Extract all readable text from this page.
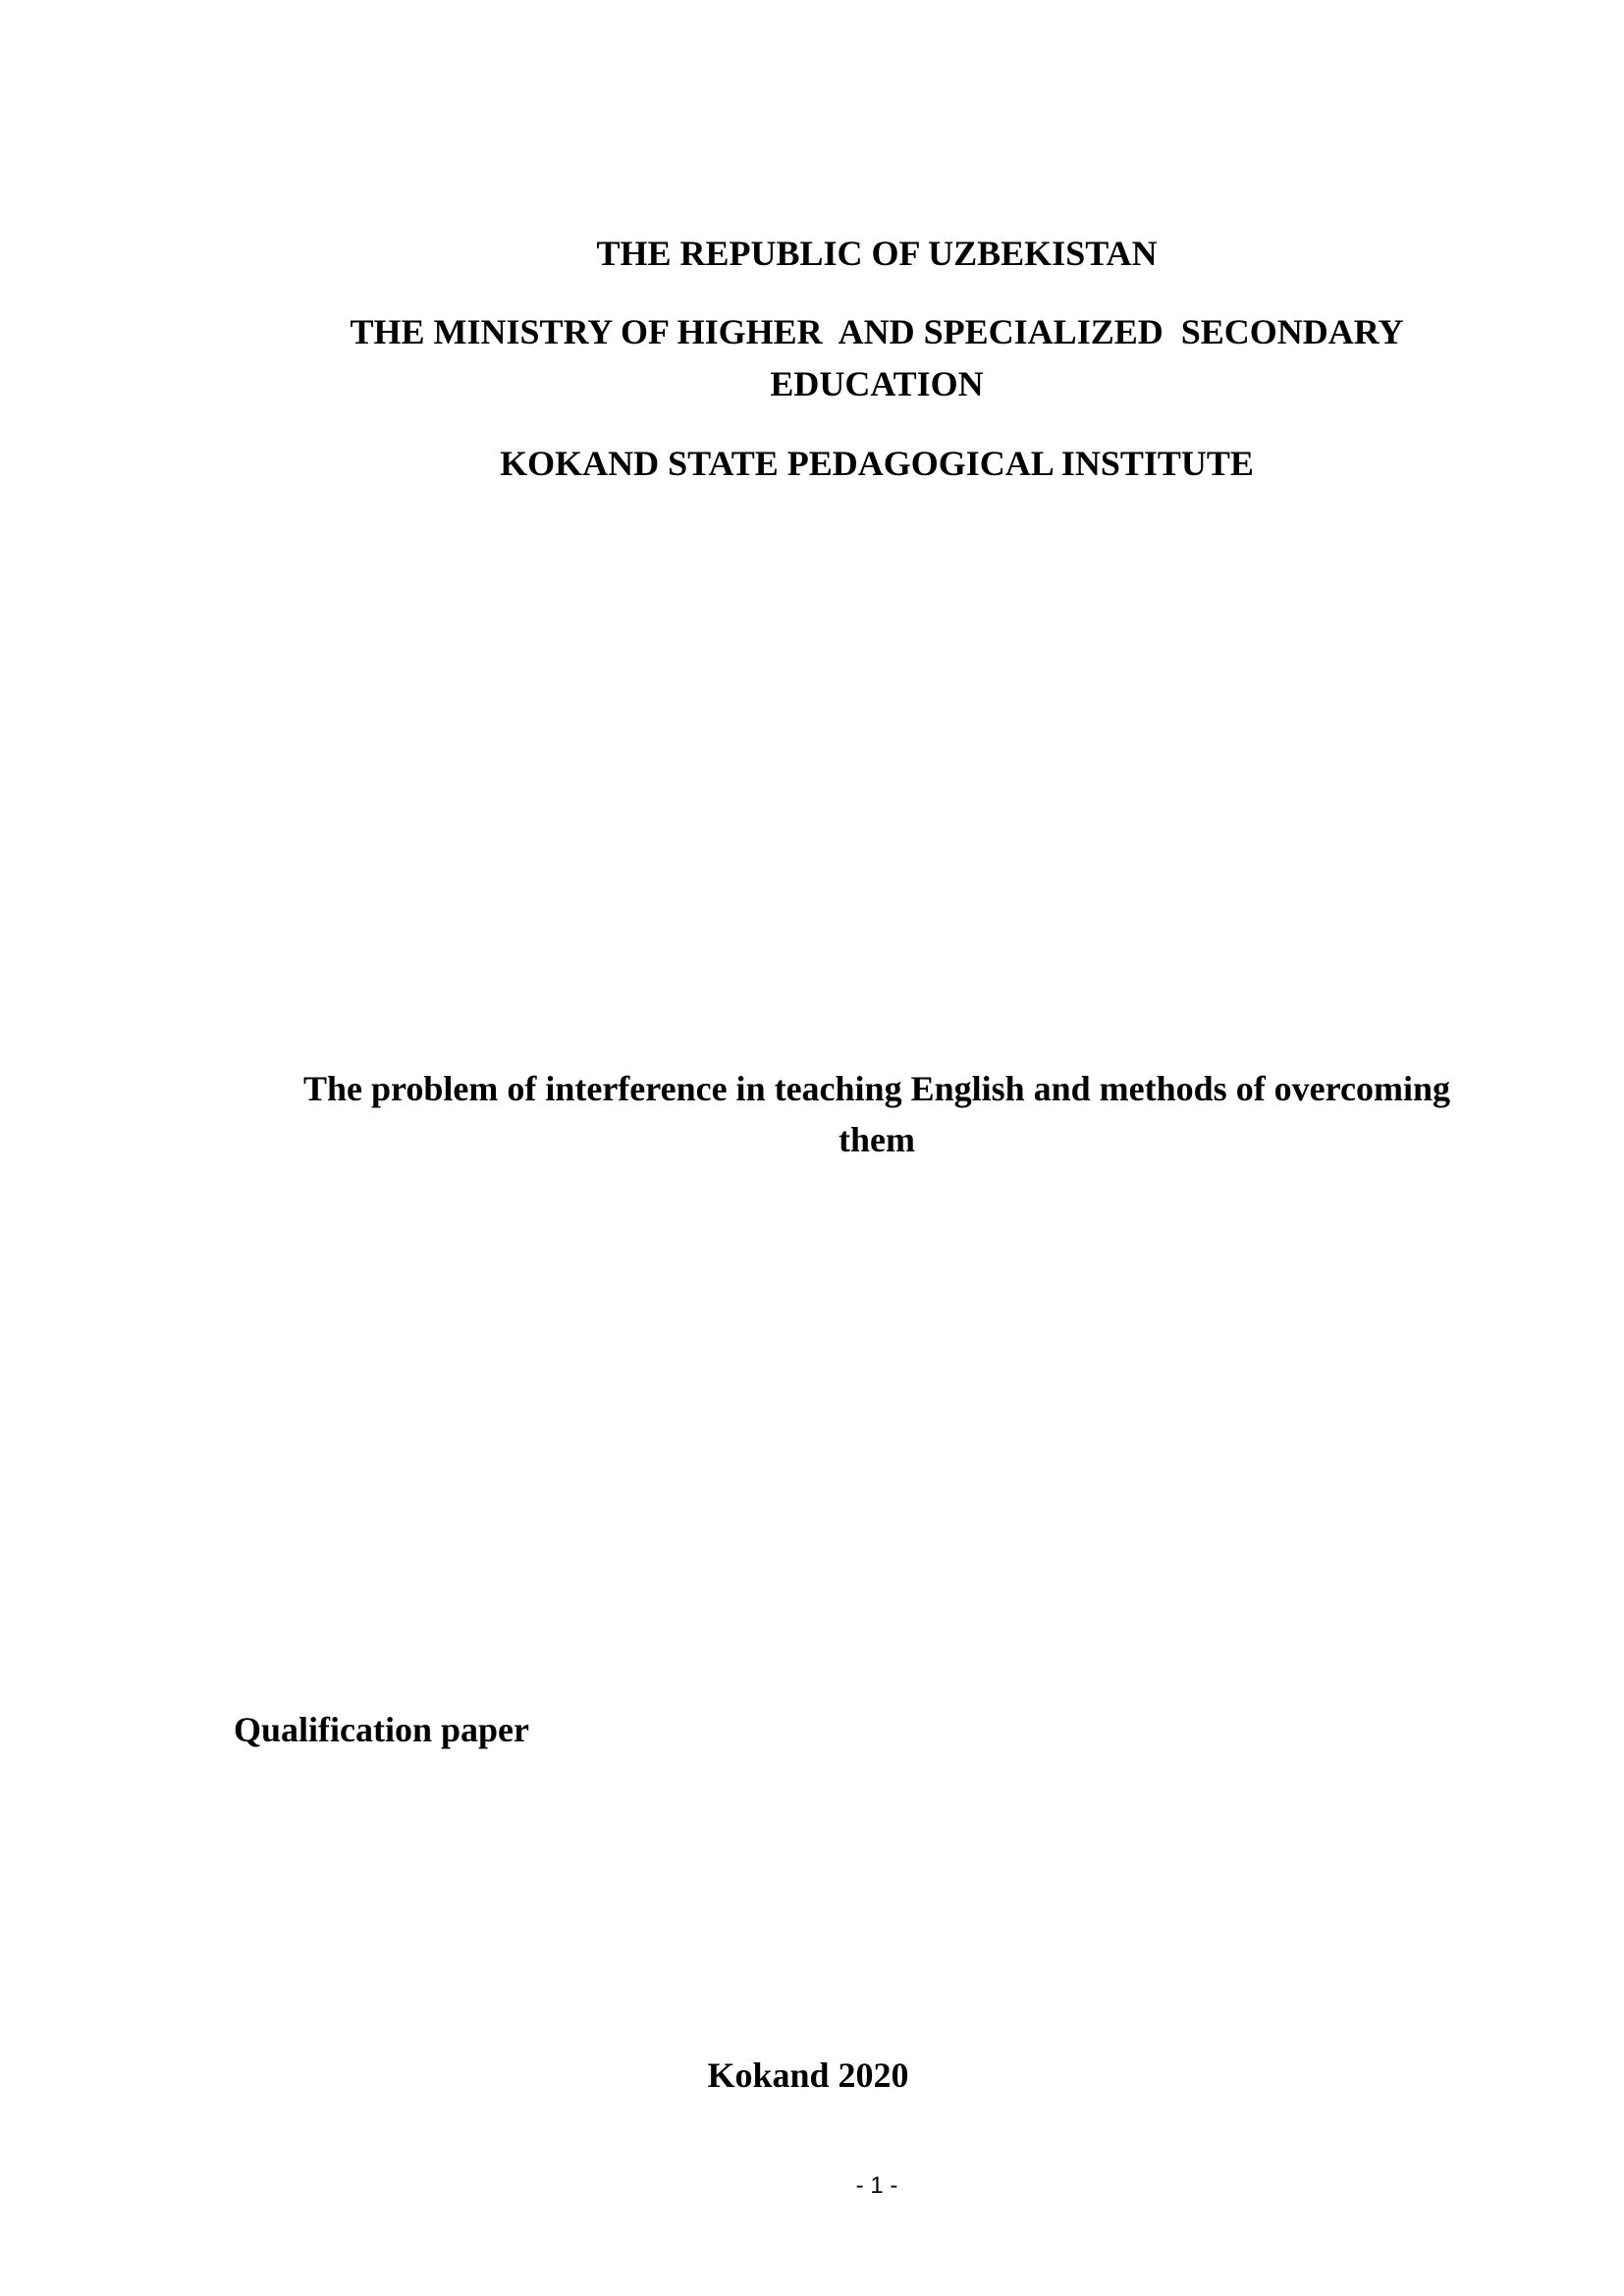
THE REPUBLIC OF UZBEKISTAN

THE MINISTRY OF HIGHER  AND SPECIALIZED  SECONDARY

EDUCATION

KOKAND STATE PEDAGOGICAL INSTITUTE

The problem of interference in teaching English and methods of overcoming

them

Qualification paper

Kokand 2020

- 1 -
